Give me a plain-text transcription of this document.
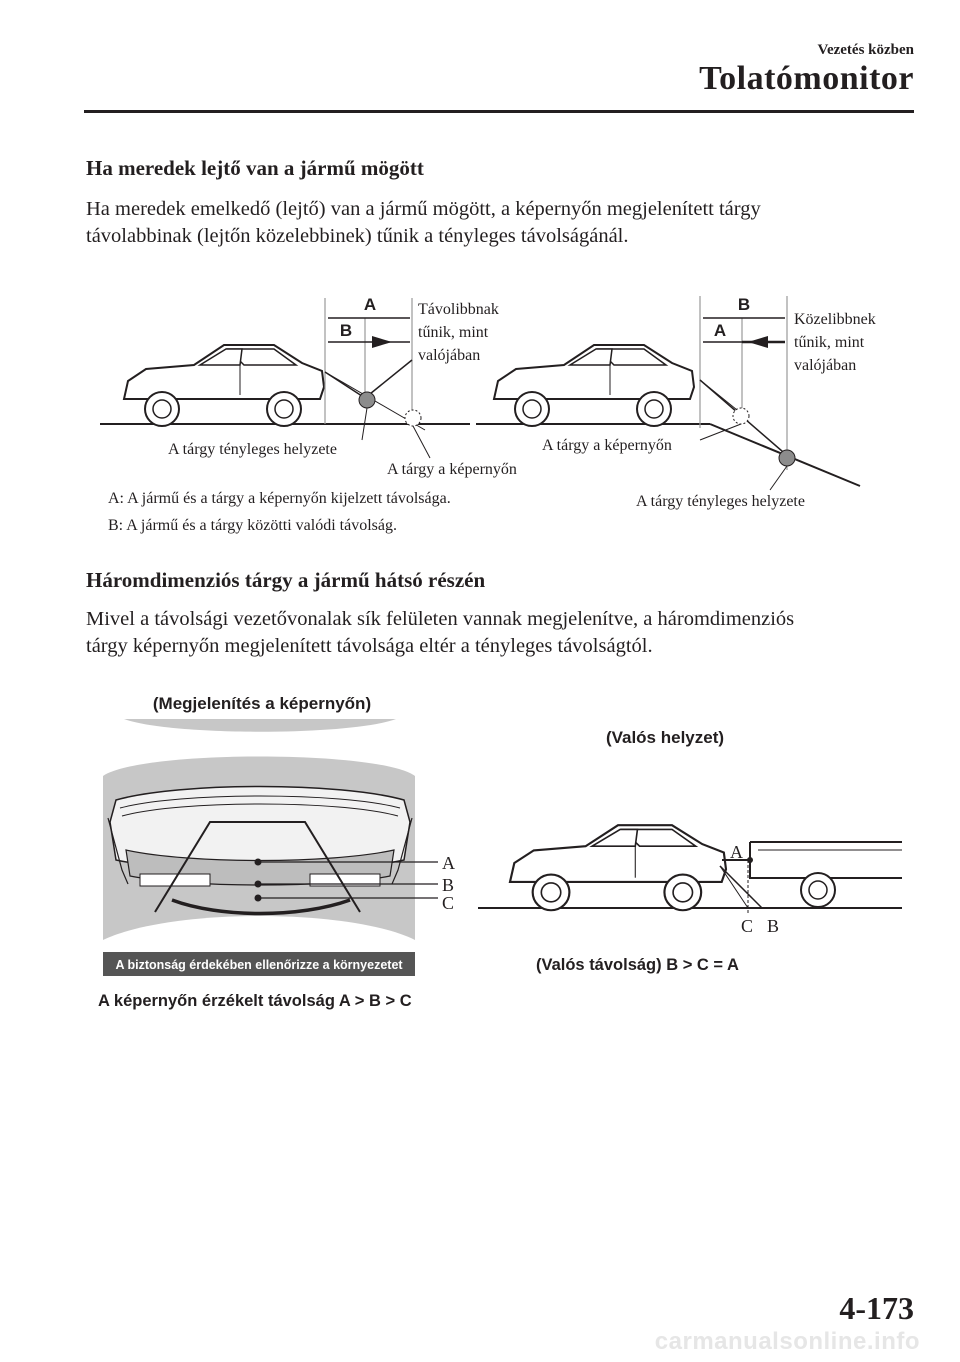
Vezetés közben
Tolatómonitor
Ha meredek lejtő van a jármű mögött
Ha meredek emelkedő (lejtő) van a jármű mögött, a képernyőn megjelenített tárgy
távolabbinak (lejtőn közelebbinek) tűnik a tényleges távolságánál.
Háromdimenziós tárgy a jármű hátsó részén
Mivel a távolsági vezetővonalak sík felületen vannak megjelenítve, a háromdimenziós
tárgy képernyőn megjelenített távolsága eltér a tényleges távolságtól.
A
B
Távolibbnak
tűnik, mint
valójában
A tárgy tényleges helyzete
A tárgy a képernyőn
B
A
Közelibbnek
tűnik, mint
valójában
A tárgy a képernyőn
A tárgy tényleges helyzete
A: A jármű és a tárgy a képernyőn kijelzett távolsága.
B: A jármű és a tárgy közötti valódi távolság.
(Megjelenítés a képernyőn)
A
B
C
A biztonság érdekében ellenőrizze a környezetet
A képernyőn érzékelt távolság A > B > C
(Valós helyzet)
A
C B
(Valós távolság) B > C = A
4-173
carmanualsonline.info
